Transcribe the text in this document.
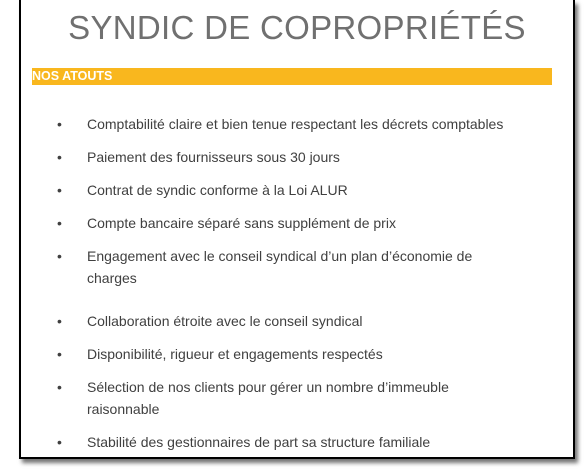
SYNDIC DE COPROPRIÉTÉS
NOS ATOUTS
• Comptabilité claire et bien tenue respectant les décrets comptables

• Paiement des fournisseurs sous 30 jours

• Contrat de syndic conforme à la Loi ALUR

• Compte bancaire séparé sans supplément de prix

• Engagement avec le conseil syndical d’un plan d’économie de
charges
• Collaboration étroite avec le conseil syndical

• Disponibilité, rigueur et engagements respectés

• Sélection de nos clients pour gérer un nombre d’immeuble
raisonnable
• Stabilité des gestionnaires de part sa structure familiale
